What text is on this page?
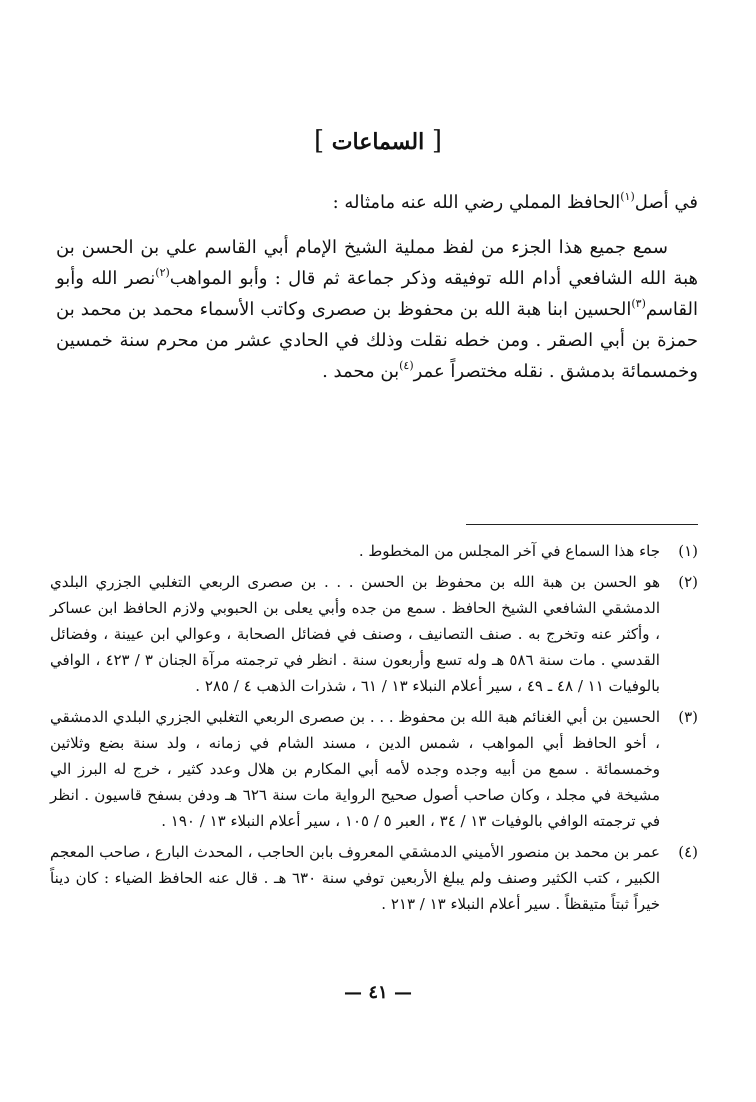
[ السماعات ]
في أصل$^{(١)}$الحافظ المملي رضي الله عنه مامثاله :

سمع جميع هذا الجزء من لفظ مملية الشيخ الإمام أبي القاسم علي بن الحسن بن هبة الله الشافعي أدام الله توفيقه وذكر جماعة ثم قال : وأبو المواهب$^{(٢)}$نصر الله وأبو القاسم$^{(٣)}$الحسين ابنا هبة الله بن محفوظ بن صصرى وكاتب الأسماء محمد بن محمد بن حمزة بن أبي الصقر . ومن خطه نقلت وذلك في الحادي عشر من محرم سنة خمسين وخمسمائة بدمشق . نقله مختصراً عمر$^{(٤)}$بن محمد .

(١)
جاء هذا السماع في آخر المجلس من المخطوط .
(٢)
هو الحسن بن هبة الله بن محفوظ بن الحسن . . . بن صصرى الربعي التغلبي الجزري البلدي الدمشقي الشافعي الشيخ الحافظ . سمع من جده وأبي يعلى بن الحبوبي ولازم الحافظ ابن عساكر ، وأكثر عنه وتخرج به . صنف التصانيف ، وصنف في فضائل الصحابة ، وعوالي ابن عيينة ، وفضائل القدسي . مات سنة ٥٨٦ هـ وله تسع وأربعون سنة . انظر في ترجمته مرآة الجنان ٣ / ٤٢٣ ، الوافي بالوفيات ١١ / ٤٨ ـ ٤٩ ، سير أعلام النبلاء ١٣ / ٦١ ، شذرات الذهب ٤ / ٢٨٥ .
(٣)
الحسين بن أبي الغنائم هبة الله بن محفوظ . . . بن صصرى الربعي التغلبي الجزري البلدي الدمشقي ، أخو الحافظ أبي المواهب ، شمس الدين ، مسند الشام في زمانه ، ولد سنة بضع وثلاثين وخمسمائة . سمع من أبيه وجده وجده لأمه أبي المكارم بن هلال وعدد كثير ، خرج له البرز الي مشيخة في مجلد ، وكان صاحب أصول صحيح الرواية مات سنة ٦٢٦ هـ ودفن بسفح قاسيون . انظر في ترجمته الوافي بالوفيات ١٣ / ٣٤ ، العبر ٥ / ١٠٥ ، سير أعلام النبلاء ١٣ / ١٩٠ .
(٤)
عمر بن محمد بن منصور الأميني الدمشقي المعروف بابن الحاجب ، المحدث البارع ، صاحب المعجم الكبير ، كتب الكثير وصنف ولم يبلغ الأربعين توفي سنة ٦٣٠ هـ . قال عنه الحافظ الضياء : كان ديناً خيراً ثبتاً متيقظاً . سير أعلام النبلاء ١٣ / ٢١٣ .
— ٤١ —
